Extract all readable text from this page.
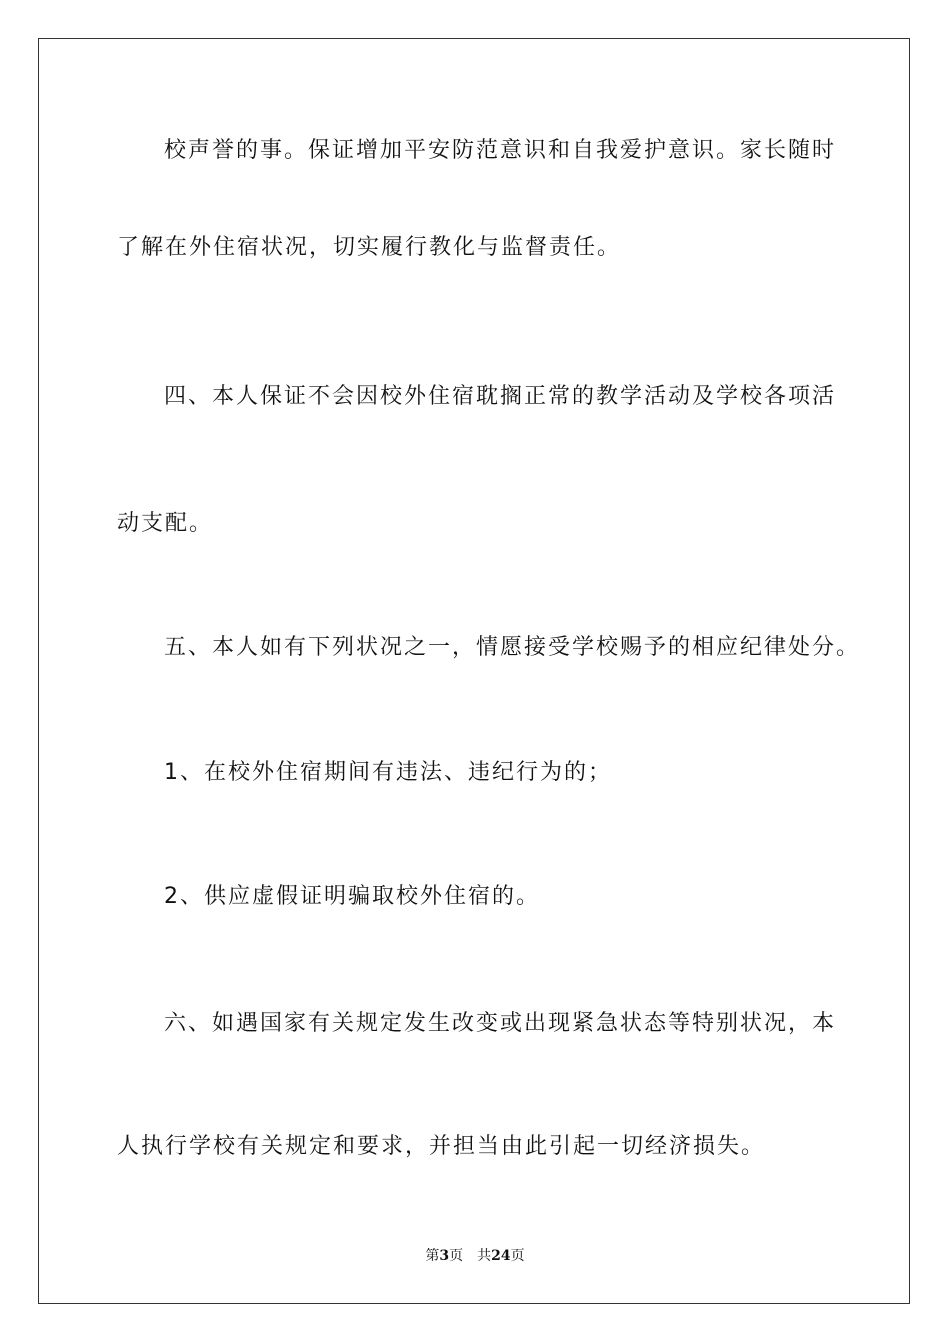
校声誉的事。保证增加平安防范意识和自我爱护意识。家长随时
了解在外住宿状况，切实履行教化与监督责任。
四、本人保证不会因校外住宿耽搁正常的教学活动及学校各项活
动支配。
五、本人如有下列状况之一，情愿接受学校赐予的相应纪律处分。
1、在校外住宿期间有违法、违纪行为的；
2、供应虚假证明骗取校外住宿的。
六、如遇国家有关规定发生改变或出现紧急状态等特别状况，本
人执行学校有关规定和要求，并担当由此引起一切经济损失。
第3页 共24页
